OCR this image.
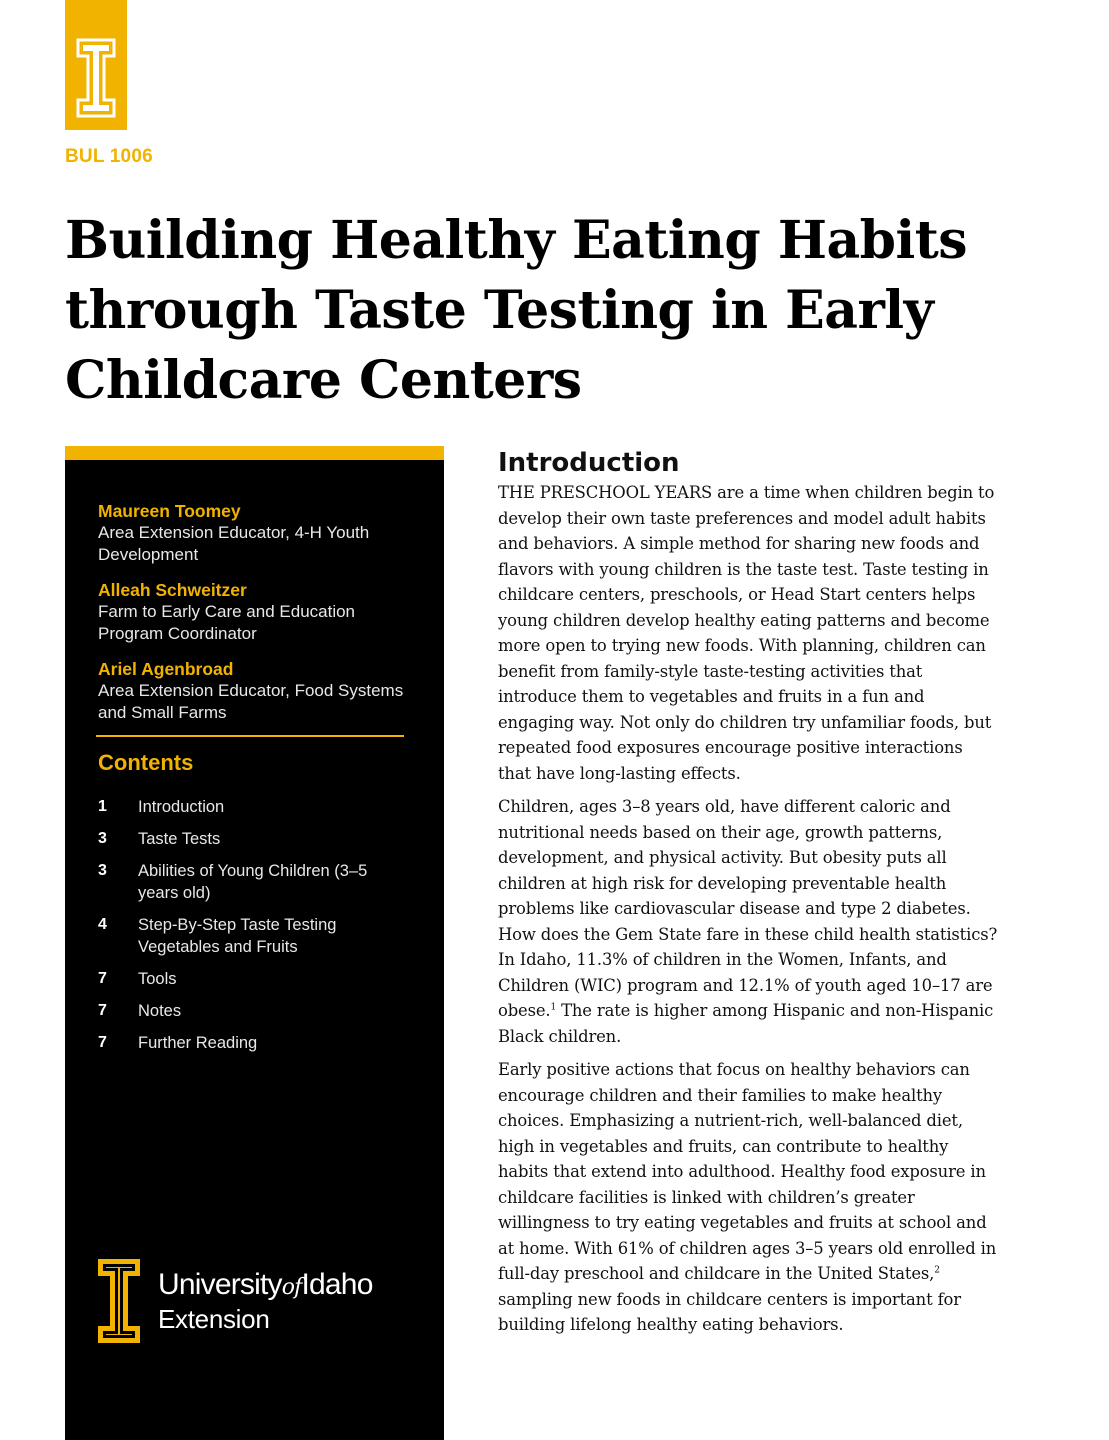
BUL 1006
Building Healthy Eating Habits through Taste Testing in Early Childcare Centers
Maureen Toomey
Area Extension Educator, 4-H Youth Development
Alleah Schweitzer
Farm to Early Care and Education Program Coordinator
Ariel Agenbroad
Area Extension Educator, Food Systems and Small Farms
Contents
1	Introduction
3	Taste Tests
3	Abilities of Young Children (3–5 years old)
4	Step-By-Step Taste Testing Vegetables and Fruits
7	Tools
7	Notes
7	Further Reading
UniversityofIdaho
Extension
Introduction

THE PRESCHOOL YEARS are a time when children begin to develop their own taste preferences and model adult habits and behaviors. A simple method for sharing new foods and flavors with young children is the taste test. Taste testing in childcare centers, preschools, or Head Start centers helps young children develop healthy eating patterns and become more open to trying new foods. With planning, children can benefit from family-style taste-testing activities that introduce them to vegetables and fruits in a fun and engaging way. Not only do children try unfamiliar foods, but repeated food exposures encourage positive interactions that have long-lasting effects.

Children, ages 3–8 years old, have different caloric and nutritional needs based on their age, growth patterns, development, and physical activity. But obesity puts all children at high risk for developing preventable health problems like cardiovascular disease and type 2 diabetes. How does the Gem State fare in these child health statistics? In Idaho, 11.3% of children in the Women, Infants, and Children (WIC) program and 12.1% of youth aged 10–17 are obese.$^1$ The rate is higher among Hispanic and non-Hispanic Black children.

Early positive actions that focus on healthy behaviors can encourage children and their families to make healthy choices. Emphasizing a nutrient-rich, well-balanced diet, high in vegetables and fruits, can contribute to healthy habits that extend into adulthood. Healthy food exposure in childcare facilities is linked with children’s greater willingness to try eating vegetables and fruits at school and at home. With 61% of children ages 3–5 years old enrolled in full-day preschool and childcare in the United States,$^2$ sampling new foods in childcare centers is important for building lifelong healthy eating behaviors.
